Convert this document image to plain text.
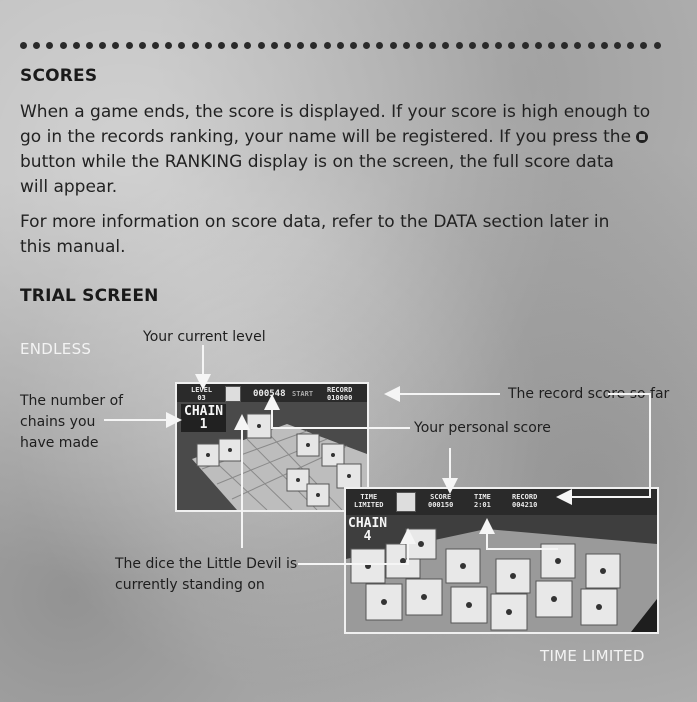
SCORES
When a game ends, the score is displayed. If your score is high enough to
go in the records ranking, your name will be registered. If you press the
button while the RANKING display is on the screen, the full score data
will appear.
For more information on score data, refer to the DATA section later in
this manual.
TRIAL SCREEN
ENDLESS
TIME LIMITED
Your current level
The number of
chains you
have made
The record score so far
Your personal score
The dice the Little Devil is
currently standing on
LEVEL
03	000548 START RECORD
010000
CHAIN
1
TIME
LIMITED
SCORE
000150
TIME
2:01
RECORD
004210
CHAIN
4
